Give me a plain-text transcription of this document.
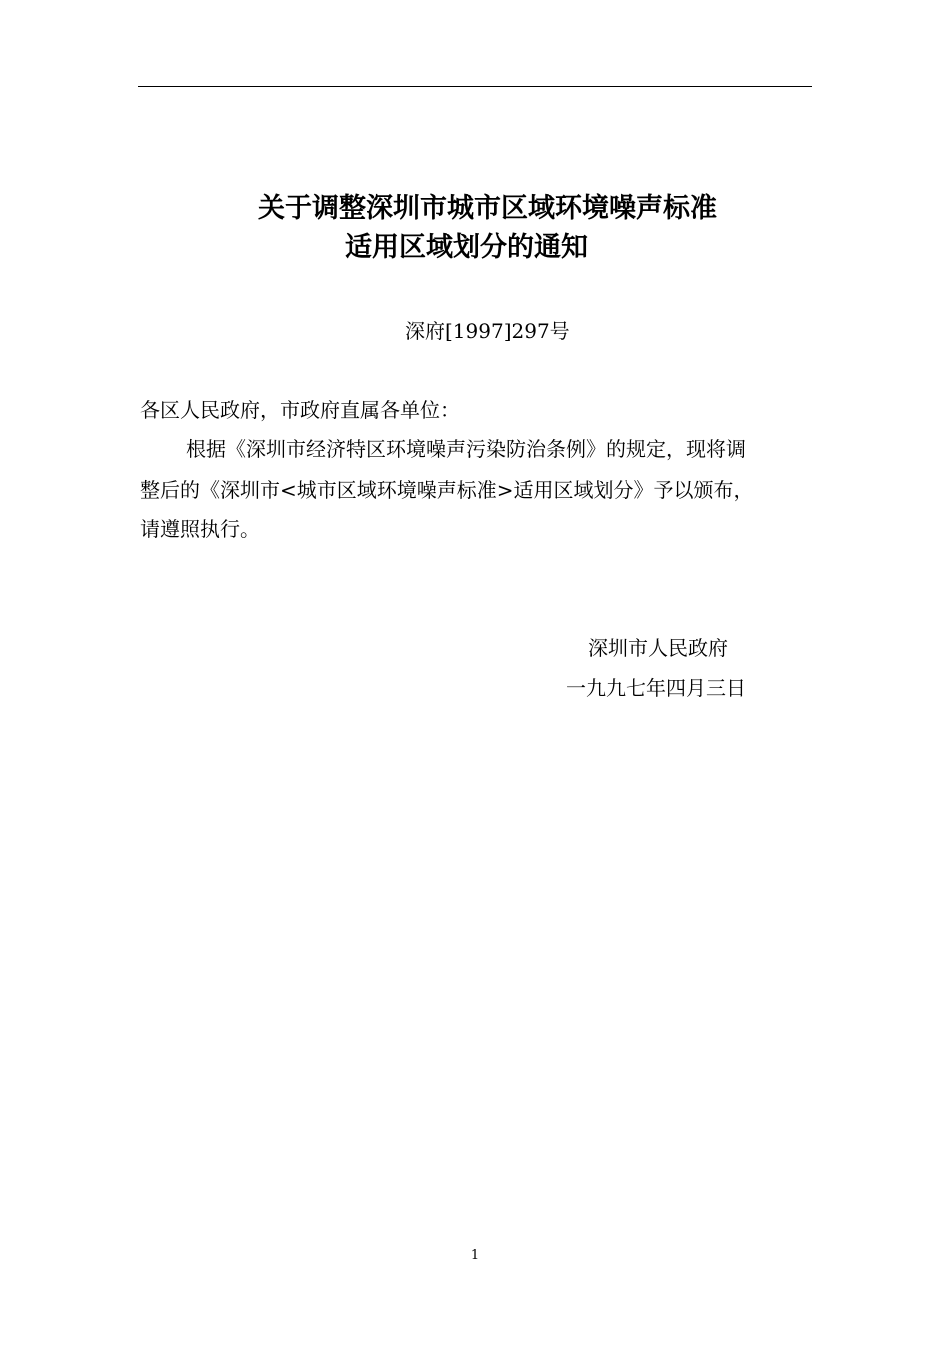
关于调整深圳市城市区域环境噪声标准
适用区域划分的通知
深府[1997]297号
各区人民政府，市政府直属各单位：
根据《深圳市经济特区环境噪声污染防治条例》的规定，现将调
整后的《深圳市<城市区域环境噪声标准>适用区域划分》予以颁布，
请遵照执行。
深圳市人民政府
一九九七年四月三日
1
